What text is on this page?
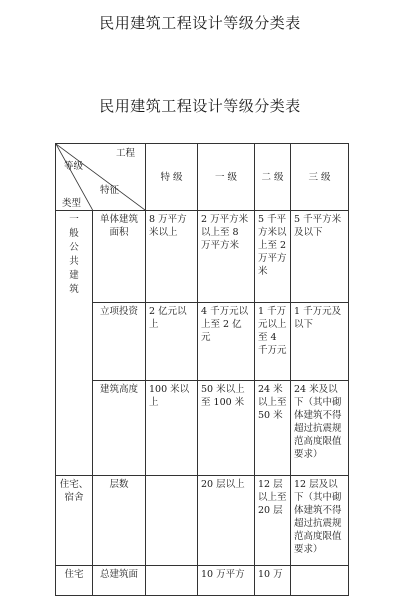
民用建筑工程设计等级分类表
民用建筑工程设计等级分类表
工程
等级
特征
类型		特 级	一 级	二 级	三 级
一般公共建筑	单体建筑面积	8 万平方米以上	2 万平方米以上至 8 万平方米	5 千平方米以上至 2 万平方米	5 千平方米及以下
	立项投资	2 亿元以上	4 千万元以上至 2 亿元	1 千万元以上至 4 千万元	1 千万元及以下
	建筑高度	100 米以上	50 米以上至 100 米	24 米以上至 50 米	24 米及以下（其中砌体建筑不得超过抗震规范高度限值要求）
住宅、宿舍	层数		20 层以上	12 层以上至 20 层	12 层及以下（其中砌体建筑不得超过抗震规范高度限值要求）
住宅	总建筑面		10 万平方	10 万	
